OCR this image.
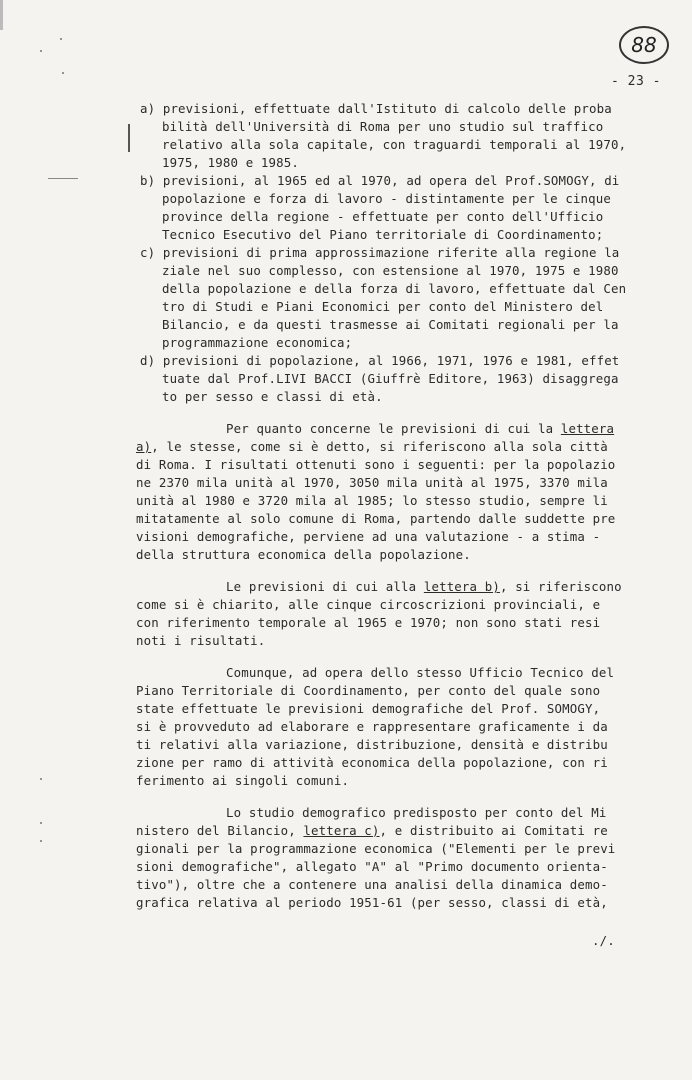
88
- 23 -
a) previsioni, effettuate dall'Istituto di calcolo delle proba
bilità dell'Università di Roma per uno studio sul traffico
relativo alla sola capitale, con traguardi temporali al 1970,
1975, 1980 e 1985.
b) previsioni, al 1965 ed al 1970, ad opera del Prof.SOMOGY, di
popolazione e forza di lavoro - distintamente per le cinque
province della regione - effettuate per conto dell'Ufficio
Tecnico Esecutivo del Piano territoriale di Coordinamento;
c) previsioni di prima approssimazione riferite alla regione la
ziale nel suo complesso, con estensione al 1970, 1975 e 1980
della popolazione e della forza di lavoro, effettuate dal Cen
tro di Studi e Piani Economici per conto del Ministero del
Bilancio, e da questi trasmesse ai Comitati regionali per la
programmazione economica;
d) previsioni di popolazione, al 1966, 1971, 1976 e 1981, effet
tuate dal Prof.LIVI BACCI (Giuffrè Editore, 1963) disaggrega
to per sesso e classi di età.
Per quanto concerne le previsioni di cui la lettera
a), le stesse, come si è detto, si riferiscono alla sola città
di Roma. I risultati ottenuti sono i seguenti: per la popolazio
ne 2370 mila unità al 1970, 3050 mila unità al 1975, 3370 mila
unità al 1980 e 3720 mila al 1985; lo stesso studio, sempre li
mitatamente al solo comune di Roma, partendo dalle suddette pre
visioni demografiche, perviene ad una valutazione - a stima -
della struttura economica della popolazione.
Le previsioni di cui alla lettera b), si riferiscono
come si è chiarito, alle cinque circoscrizioni provinciali, e
con riferimento temporale al 1965 e 1970; non sono stati resi
noti i risultati.
Comunque, ad opera dello stesso Ufficio Tecnico del
Piano Territoriale di Coordinamento, per conto del quale sono
state effettuate le previsioni demografiche del Prof. SOMOGY,
si è provveduto ad elaborare e rappresentare graficamente i da
ti relativi alla variazione, distribuzione, densità e distribu
zione per ramo di attività economica della popolazione, con ri
ferimento ai singoli comuni.
Lo studio demografico predisposto per conto del Mi
nistero del Bilancio, lettera c), e distribuito ai Comitati re
gionali per la programmazione economica ("Elementi per le previ
sioni demografiche", allegato "A" al "Primo documento orienta-
tivo"), oltre che a contenere una analisi della dinamica demo-
grafica relativa al periodo 1951-61 (per sesso, classi di età,
./.
